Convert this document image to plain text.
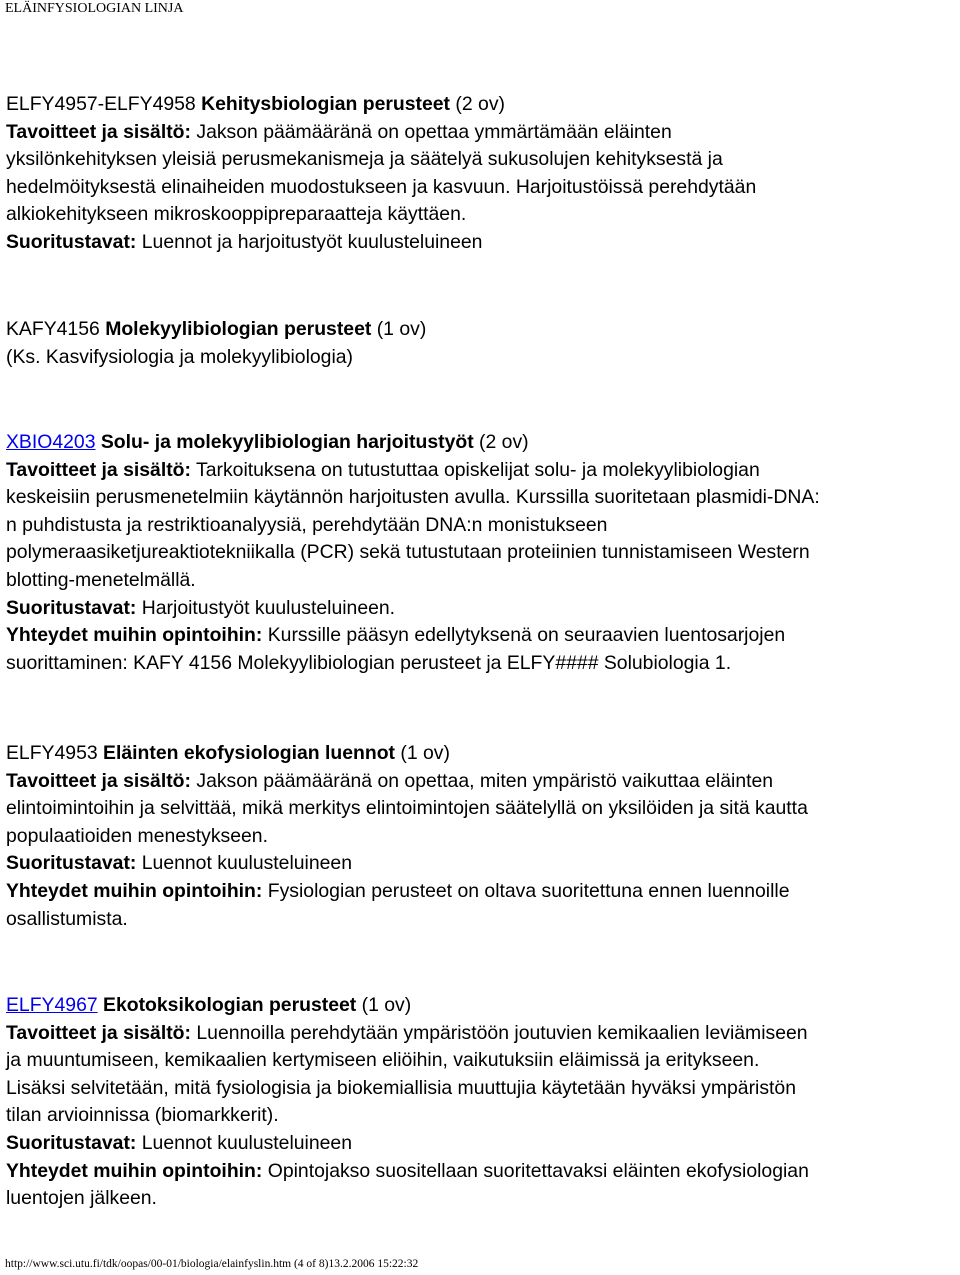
ELÄINFYSIOLOGIAN LINJA
ELFY4957-ELFY4958 Kehitysbiologian perusteet (2 ov)
Tavoitteet ja sisältö: Jakson päämääränä on opettaa ymmärtämään eläinten
yksilönkehityksen yleisiä perusmekanismeja ja säätelyä sukusolujen kehityksestä ja
hedelmöityksestä elinaiheiden muodostukseen ja kasvuun. Harjoitustöissä perehdytään
alkiokehitykseen mikroskooppipreparaatteja käyttäen.
Suoritustavat: Luennot ja harjoitustyöt kuulusteluineen
KAFY4156 Molekyylibiologian perusteet (1 ov)
(Ks. Kasvifysiologia ja molekyylibiologia)
XBIO4203 Solu- ja molekyylibiologian harjoitustyöt (2 ov)
Tavoitteet ja sisältö: Tarkoituksena on tutustuttaa opiskelijat solu- ja molekyylibiologian
keskeisiin perusmenetelmiin käytännön harjoitusten avulla. Kurssilla suoritetaan plasmidi-DNA:
n puhdistusta ja restriktioanalyysiä, perehdytään DNA:n monistukseen
polymeraasiketjureaktiotekniikalla (PCR) sekä tutustutaan proteiinien tunnistamiseen Western
blotting-menetelmällä.
Suoritustavat: Harjoitustyöt kuulusteluineen.
Yhteydet muihin opintoihin: Kurssille pääsyn edellytyksenä on seuraavien luentosarjojen
suorittaminen: KAFY 4156 Molekyylibiologian perusteet ja ELFY#### Solubiologia 1.
ELFY4953 Eläinten ekofysiologian luennot (1 ov)
Tavoitteet ja sisältö: Jakson päämääränä on opettaa, miten ympäristö vaikuttaa eläinten
elintoimintoihin ja selvittää, mikä merkitys elintoimintojen säätelyllä on yksilöiden ja sitä kautta
populaatioiden menestykseen.
Suoritustavat: Luennot kuulusteluineen
Yhteydet muihin opintoihin: Fysiologian perusteet on oltava suoritettuna ennen luennoille
osallistumista.
ELFY4967 Ekotoksikologian perusteet (1 ov)
Tavoitteet ja sisältö: Luennoilla perehdytään ympäristöön joutuvien kemikaalien leviämiseen
ja muuntumiseen, kemikaalien kertymiseen eliöihin, vaikutuksiin eläimissä ja eritykseen.
Lisäksi selvitetään, mitä fysiologisia ja biokemiallisia muuttujia käytetään hyväksi ympäristön
tilan arvioinnissa (biomarkkerit).
Suoritustavat: Luennot kuulusteluineen
Yhteydet muihin opintoihin: Opintojakso suositellaan suoritettavaksi eläinten ekofysiologian
luentojen jälkeen.
http://www.sci.utu.fi/tdk/oopas/00-01/biologia/elainfyslin.htm (4 of 8)13.2.2006 15:22:32
